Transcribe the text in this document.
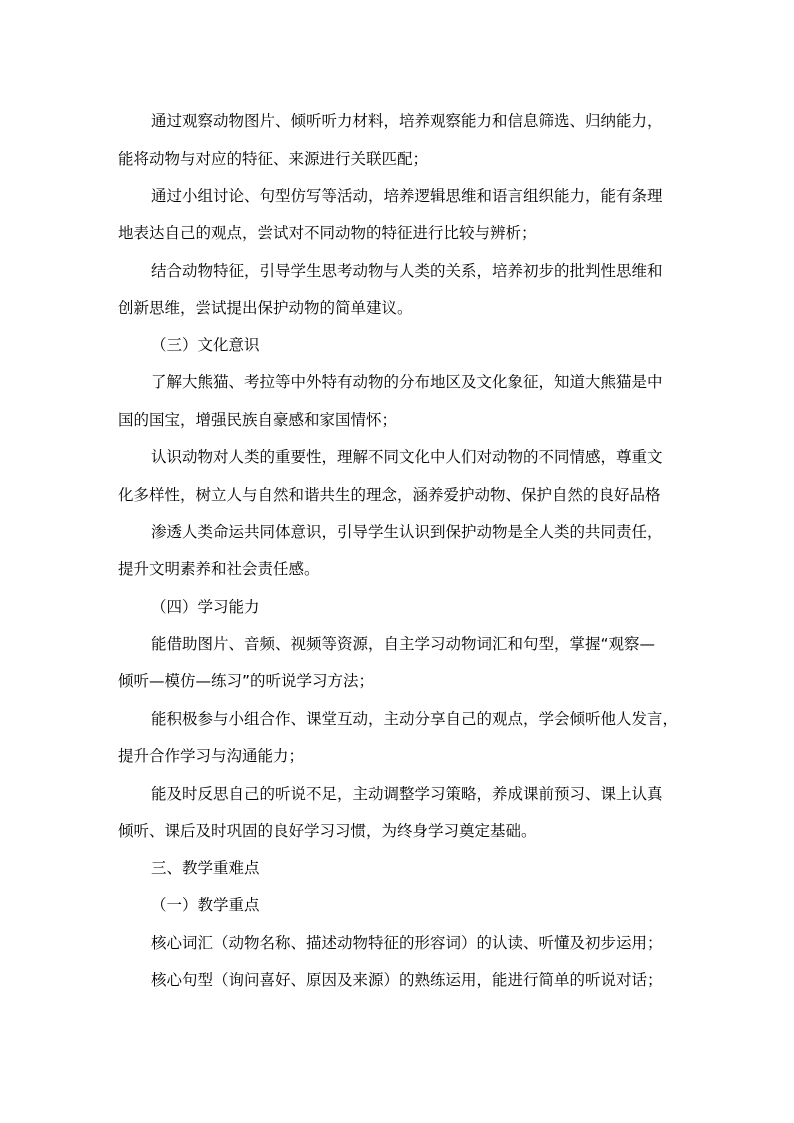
通过观察动物图片、倾听听力材料，培养观察能力和信息筛选、归纳能力，
能将动物与对应的特征、来源进行关联匹配；
通过小组讨论、句型仿写等活动，培养逻辑思维和语言组织能力，能有条理
地表达自己的观点，尝试对不同动物的特征进行比较与辨析；
结合动物特征，引导学生思考动物与人类的关系，培养初步的批判性思维和
创新思维，尝试提出保护动物的简单建议。
（三）文化意识
了解大熊猫、考拉等中外特有动物的分布地区及文化象征，知道大熊猫是中
国的国宝，增强民族自豪感和家国情怀；
认识动物对人类的重要性，理解不同文化中人们对动物的不同情感，尊重文
化多样性，树立人与自然和谐共生的理念，涵养爱护动物、保护自然的良好品格
渗透人类命运共同体意识，引导学生认识到保护动物是全人类的共同责任，
提升文明素养和社会责任感。
（四）学习能力
能借助图片、音频、视频等资源，自主学习动物词汇和句型，掌握“观察—
倾听—模仿—练习”的听说学习方法；
能积极参与小组合作、课堂互动，主动分享自己的观点，学会倾听他人发言，
提升合作学习与沟通能力；
能及时反思自己的听说不足，主动调整学习策略，养成课前预习、课上认真
倾听、课后及时巩固的良好学习习惯，为终身学习奠定基础。
三、教学重难点
（一）教学重点
核心词汇（动物名称、描述动物特征的形容词）的认读、听懂及初步运用；
核心句型（询问喜好、原因及来源）的熟练运用，能进行简单的听说对话；
